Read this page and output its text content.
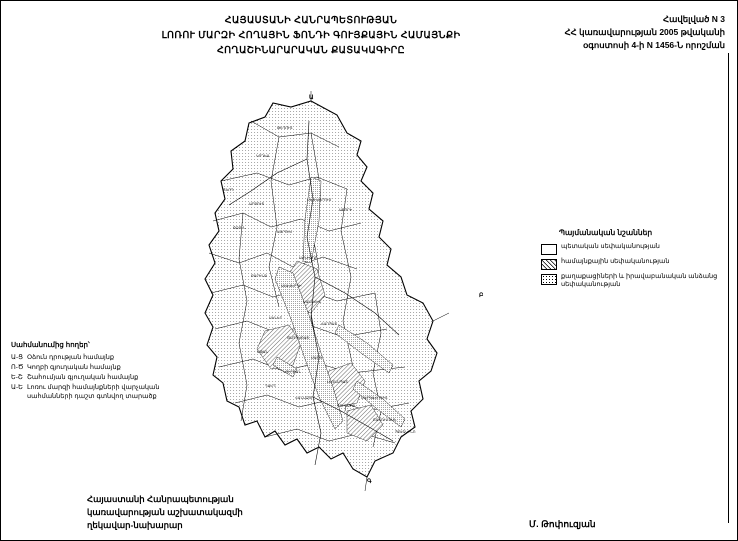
ՀԱՅԱՍՏԱՆԻ ՀԱՆՐԱՊԵՏՈՒԹՅԱՆ
ԼՈՌՈՒ ՄԱՐԶԻ ՀՈՂԱՅԻՆ ՖՈՆԴԻ ԳՈՒՅՔԱՅԻՆ ՀԱՄԱՅՆՔԻ
ՀՈՂԱՇԻՆԱՐԱՐԱԿԱՆ ՔԱՏԱԿԱԳԻՐԸ
Հավելված N 3
ՀՀ կառավարության 2005 թվականի
օգոստոսի 4-ի N 1456-Ն որոշման
Ա
Բ
Գ
ԹԵՂՈՒՏ
ԿՈՂԵՍ
ՇՆՈՂ
ԱՐՋՈՒՏ
ՄԵՑ ԱՅՐՈՒՄ
ՕՁՈՒՆ
ԱՅՐՈՒՄ
ԱՔՈՐԻ
ԱՀՆԻՁՈՐ
ՔԱՐԻՆՋ
ԱԼԱՎԵՐԴԻ
ՍԱՆԱՀԻՆ
ԱԿՆԵՐ
ՀԱՂՊԱՏ
ԾԱՂԿԱՇԱՏ
ԱԹԱՆ
ՄԱՐՑ
ԿՈՒՐԹԱՆ
ԴՍԵՂ
ԼԵՌՆԱՊԱՏ
ՎԱՆԱՁՈՐ
ԳՈՒԳԱՐՔ
ՄԱՐԳԱՀՈՎԻՏ
ՇԱՀՈՒՄՅԱՆ
ՊՈՒՇԿԻՆՈ
Սահմանումից հողեր՝
Ա-Ց Օձուն դրության համայնք
Ո-Ծ Կողբի գյուղական համայնք
Ե-Շ Շահումյան գյուղական համայնք
Ա-Ե Լոռու մարզի համայնքների վարչական սահմանների դաշտ գտնվող տարածք
Պայմանական նշաններ
պետական սեփականության
համայնքային սեփականության
քաղաքացիների և իրավաբանական անձանց սեփականության
Հայաստանի Հանրապետության
կառավարության աշխատակազմի
ղեկավար-նախարար	Մ. Թոփուզյան
